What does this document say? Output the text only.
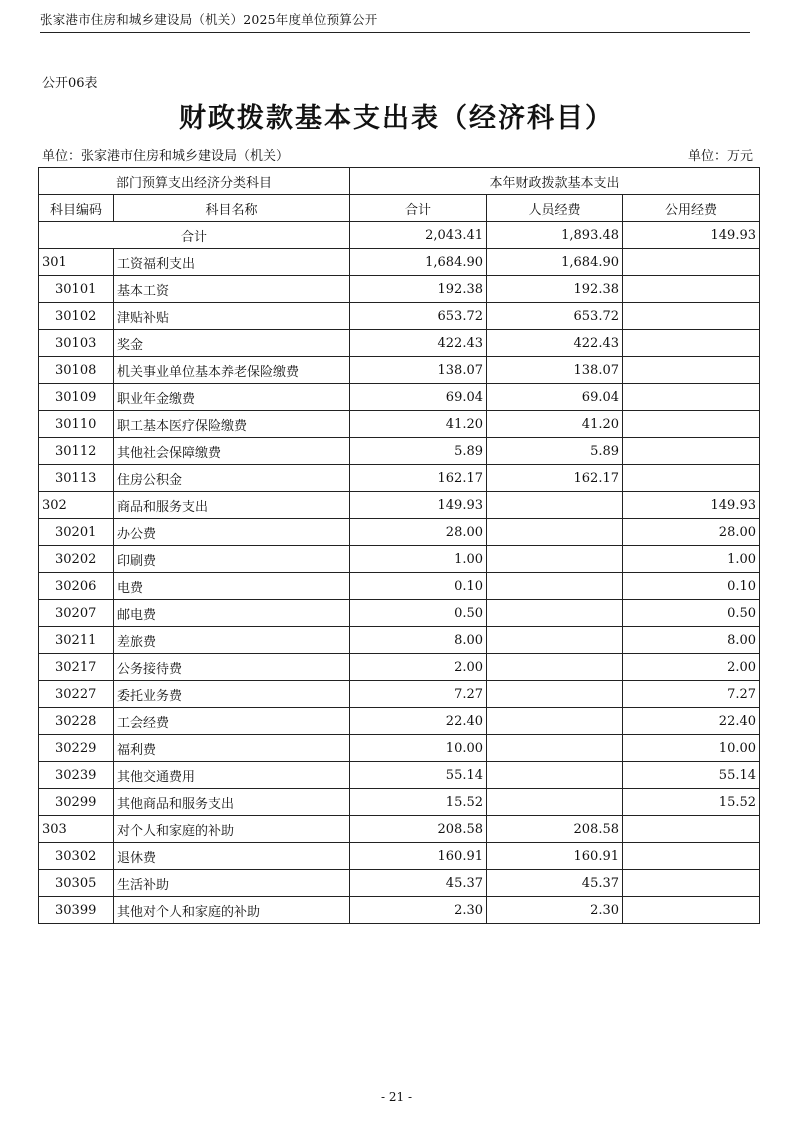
张家港市住房和城乡建设局（机关）2025年度单位预算公开
公开06表
财政拨款基本支出表（经济科目）
单位：张家港市住房和城乡建设局（机关）	单位：万元
部门预算支出经济分类科目		本年财政拨款基本支出		
科目编码	科目名称	合计	人员经费	公用经费
合计		2,043.41	1,893.48	149.93
301	工资福利支出	1,684.90	1,684.90	
30101	基本工资	192.38	192.38	
30102	津贴补贴	653.72	653.72	
30103	奖金	422.43	422.43	
30108	机关事业单位基本养老保险缴费	138.07	138.07	
30109	职业年金缴费	69.04	69.04	
30110	职工基本医疗保险缴费	41.20	41.20	
30112	其他社会保障缴费	5.89	5.89	
30113	住房公积金	162.17	162.17	
302	商品和服务支出	149.93		149.93
30201	办公费	28.00		28.00
30202	印刷费	1.00		1.00
30206	电费	0.10		0.10
30207	邮电费	0.50		0.50
30211	差旅费	8.00		8.00
30217	公务接待费	2.00		2.00
30227	委托业务费	7.27		7.27
30228	工会经费	22.40		22.40
30229	福利费	10.00		10.00
30239	其他交通费用	55.14		55.14
30299	其他商品和服务支出	15.52		15.52
303	对个人和家庭的补助	208.58	208.58	
30302	退休费	160.91	160.91	
30305	生活补助	45.37	45.37	
30399	其他对个人和家庭的补助	2.30	2.30	
- 21 -
